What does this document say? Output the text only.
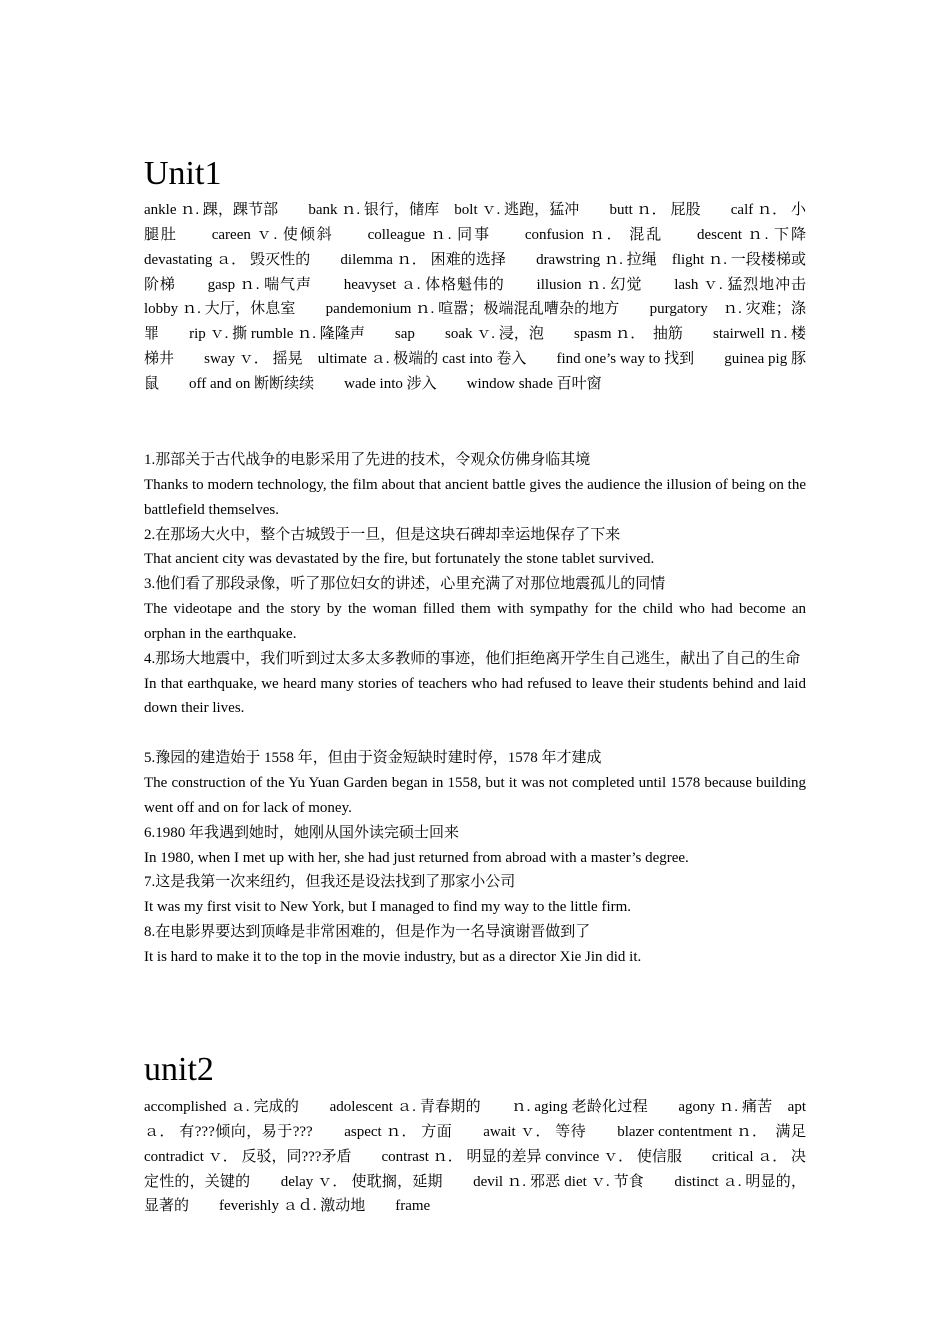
Unit1

ankle ｎ. 踝，踝节部　　bank ｎ. 银行，储库　bolt ｖ. 逃跑，猛冲　　butt ｎ． 屁股　　calf ｎ． 小腿肚　　careen ｖ. 使倾斜　　colleague ｎ. 同事　　confusion ｎ． 混乱　　descent ｎ. 下降　　devastating ａ． 毁灭性的　　dilemma ｎ． 困难的选择　　drawstring ｎ. 拉绳　flight ｎ. 一段楼梯或阶梯　　gasp ｎ. 喘气声　　heavyset ａ. 体格魁伟的　　illusion ｎ. 幻觉　　lash ｖ. 猛烈地冲击　　lobby ｎ. 大厅，休息室　　pandemonium ｎ. 喧嚣；极端混乱嘈杂的地方　　purgatory　ｎ. 灾难；涤罪　　rip ｖ. 撕 rumble ｎ. 隆隆声　　sap　　soak ｖ. 浸，泡　　spasm ｎ．　抽筋　　stairwell ｎ. 楼梯井　　sway ｖ． 摇晃　ultimate ａ. 极端的 cast into 卷入　　find one’s way to 找到　　guinea pig 豚鼠　　off and on 断断续续　　wade into 涉入　　window shade 百叶窗

1.那部关于古代战争的电影采用了先进的技术，令观众仿佛身临其境

Thanks to modern technology, the film about that ancient battle gives the audience the illusion of being on the battlefield themselves.

2.在那场大火中，整个古城毁于一旦，但是这块石碑却幸运地保存了下来

That ancient city was devastated by the fire, but fortunately the stone tablet survived.

3.他们看了那段录像，听了那位妇女的讲述，心里充满了对那位地震孤儿的同情

The videotape and the story by the woman filled them with sympathy for the child who had become an orphan in the earthquake.

4.那场大地震中，我们听到过太多太多教师的事迹，他们拒绝离开学生自己逃生，献出了自己的生命

In that earthquake, we heard many stories of teachers who had refused to leave their students behind and laid down their lives.

5.豫园的建造始于 1558 年，但由于资金短缺时建时停，1578 年才建成

The construction of the Yu Yuan Garden began in 1558, but it was not completed until 1578 because building went off and on for lack of money.

6.1980 年我遇到她时，她刚从国外读完硕士回来

In 1980, when I met up with her, she had just returned from abroad with a master’s degree.

7.这是我第一次来纽约，但我还是设法找到了那家小公司

It was my first visit to New York, but I managed to find my way to the little firm.

8.在电影界要达到顶峰是非常困难的，但是作为一名导演谢晋做到了

It is hard to make it to the top in the movie industry, but as a director Xie Jin did it.

unit2

accomplished ａ. 完成的　　adolescent ａ. 青春期的　　ｎ. aging 老龄化过程　　agony ｎ. 痛苦　apt ａ． 有???倾向，易于???　　aspect ｎ． 方面　　await ｖ． 等待　　blazer contentment ｎ．　满足　　contradict ｖ． 反驳，同???矛盾　　contrast ｎ． 明显的差异 convince ｖ． 使信服　　critical ａ． 决定性的，关键的　　delay ｖ． 使耽搁，延期　　devil ｎ. 邪恶 diet ｖ. 节食　　distinct ａ. 明显的，显著的　　feverishly ａｄ. 激动地　　frame
